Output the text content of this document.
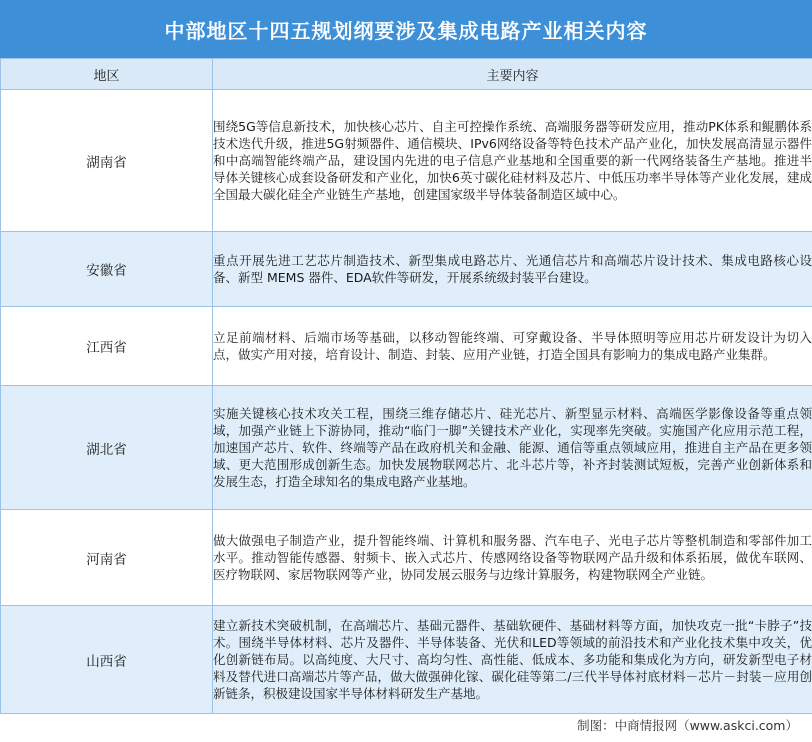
中部地区十四五规划纲要涉及集成电路产业相关内容
地区	主要内容
湖南省	围绕5G等信息新技术，加快核心芯片、自主可控操作系统、高端服务器等研发应用，推动PK体系和鲲鹏体系技术迭代升级，推进5G射频器件、通信模块、IPv6网络设备等特色技术产品产业化，加快发展高清显示器件和中高端智能终端产品，建设国内先进的电子信息产业基地和全国重要的新一代网络装备生产基地。推进半导体关键核心成套设备研发和产业化，加快6英寸碳化硅材料及芯片、中低压功率半导体等产业化发展，建成全国最大碳化硅全产业链生产基地，创建国家级半导体装备制造区域中心。
安徽省	重点开展先进工艺芯片制造技术、新型集成电路芯片、光通信芯片和高端芯片设计技术、集成电路核心设备、新型 MEMS 器件、EDA软件等研发，开展系统级封装平台建设。
江西省	立足前端材料、后端市场等基础，以移动智能终端、可穿戴设备、半导体照明等应用芯片研发设计为切入点，做实产用对接，培育设计、制造、封装、应用产业链，打造全国具有影响力的集成电路产业集群。
湖北省	实施关键核心技术攻关工程，围绕三维存储芯片、硅光芯片、新型显示材料、高端医学影像设备等重点领域，加强产业链上下游协同，推动“临门一脚”关键技术产业化，实现率先突破。实施国产化应用示范工程，加速国产芯片、软件、终端等产品在政府机关和金融、能源、通信等重点领域应用，推进自主产品在更多领域、更大范围形成创新生态。加快发展物联网芯片、北斗芯片等，补齐封装测试短板，完善产业创新体系和发展生态，打造全球知名的集成电路产业基地。
河南省	做大做强电子制造产业，提升智能终端、计算机和服务器、汽车电子、光电子芯片等整机制造和零部件加工水平。推动智能传感器、射频卡、嵌入式芯片、传感网络设备等物联网产品升级和体系拓展，做优车联网、医疗物联网、家居物联网等产业，协同发展云服务与边缘计算服务，构建物联网全产业链。
山西省	建立新技术突破机制，在高端芯片、基础元器件、基础软硬件、基础材料等方面，加快攻克一批“卡脖子”技术。围绕半导体材料、芯片及器件、半导体装备、光伏和LED等领域的前沿技术和产业化技术集中攻关，优化创新链布局。以高纯度、大尺寸、高均匀性、高性能、低成本、多功能和集成化为方向，研发新型电子材料及替代进口高端芯片等产品，做大做强砷化镓、碳化硅等第二/三代半导体衬底材料－芯片－封装－应用创新链条，积极建设国家半导体材料研发生产基地。
制图：中商情报网（www.askci.com）
